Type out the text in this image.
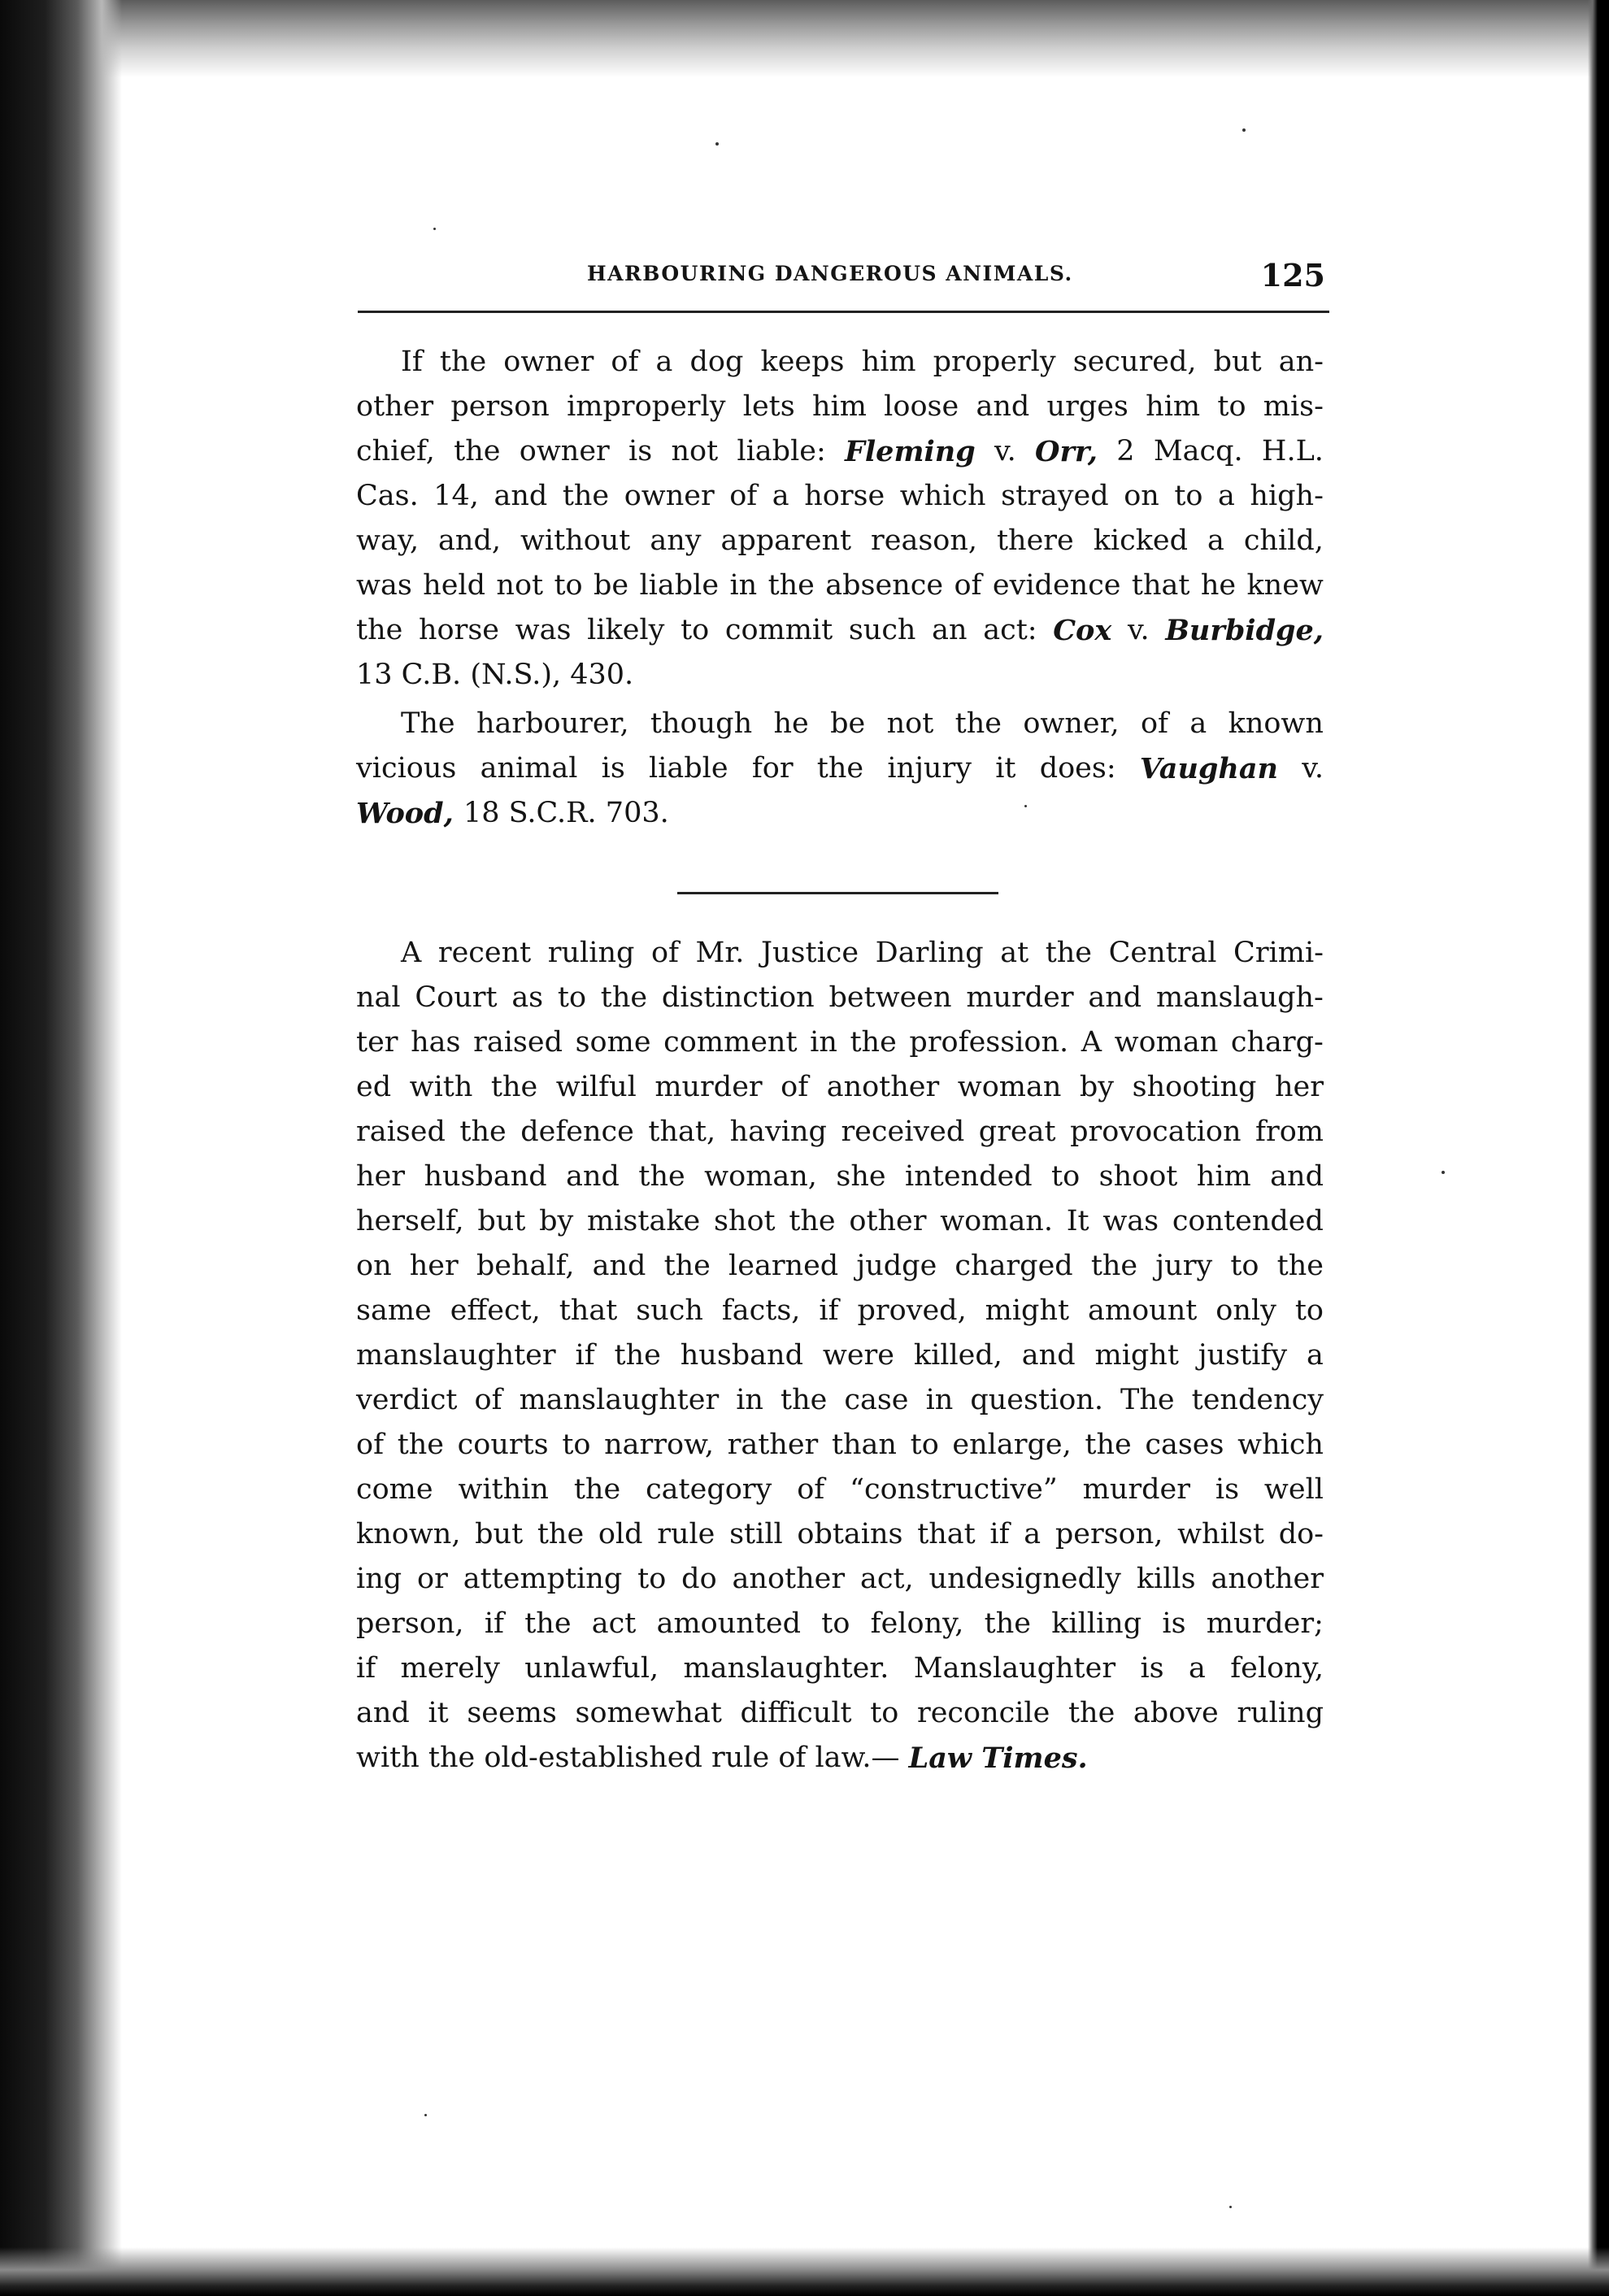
HARBOURING DANGEROUS ANIMALS.	125
If the owner of a dog keeps him properly secured, but an-
other person improperly lets him loose and urges him to mis-
chief, the owner is not liable: Fleming v. Orr, 2 Macq. H.L.
Cas. 14, and the owner of a horse which strayed on to a high-
way, and, without any apparent reason, there kicked a child,
was held not to be liable in the absence of evidence that he knew
the horse was likely to commit such an act: Cox v. Burbidge,
13 C.B. (N.S.), 430.
The harbourer, though he be not the owner, of a known
vicious animal is liable for the injury it does: Vaughan v.
Wood, 18 S.C.R. 703.
A recent ruling of Mr. Justice Darling at the Central Crimi-
nal Court as to the distinction between murder and manslaugh-
ter has raised some comment in the profession. A woman charg-
ed with the wilful murder of another woman by shooting her
raised the defence that, having received great provocation from
her husband and the woman, she intended to shoot him and
herself, but by mistake shot the other woman. It was contended
on her behalf, and the learned judge charged the jury to the
same effect, that such facts, if proved, might amount only to
manslaughter if the husband were killed, and might justify a
verdict of manslaughter in the case in question. The tendency
of the courts to narrow, rather than to enlarge, the cases which
come within the category of “constructive” murder is well
known, but the old rule still obtains that if a person, whilst do-
ing or attempting to do another act, undesignedly kills another
person, if the act amounted to felony, the killing is murder;
if merely unlawful, manslaughter. Manslaughter is a felony,
and it seems somewhat difficult to reconcile the above ruling
with the old-established rule of law.— Law Times.
